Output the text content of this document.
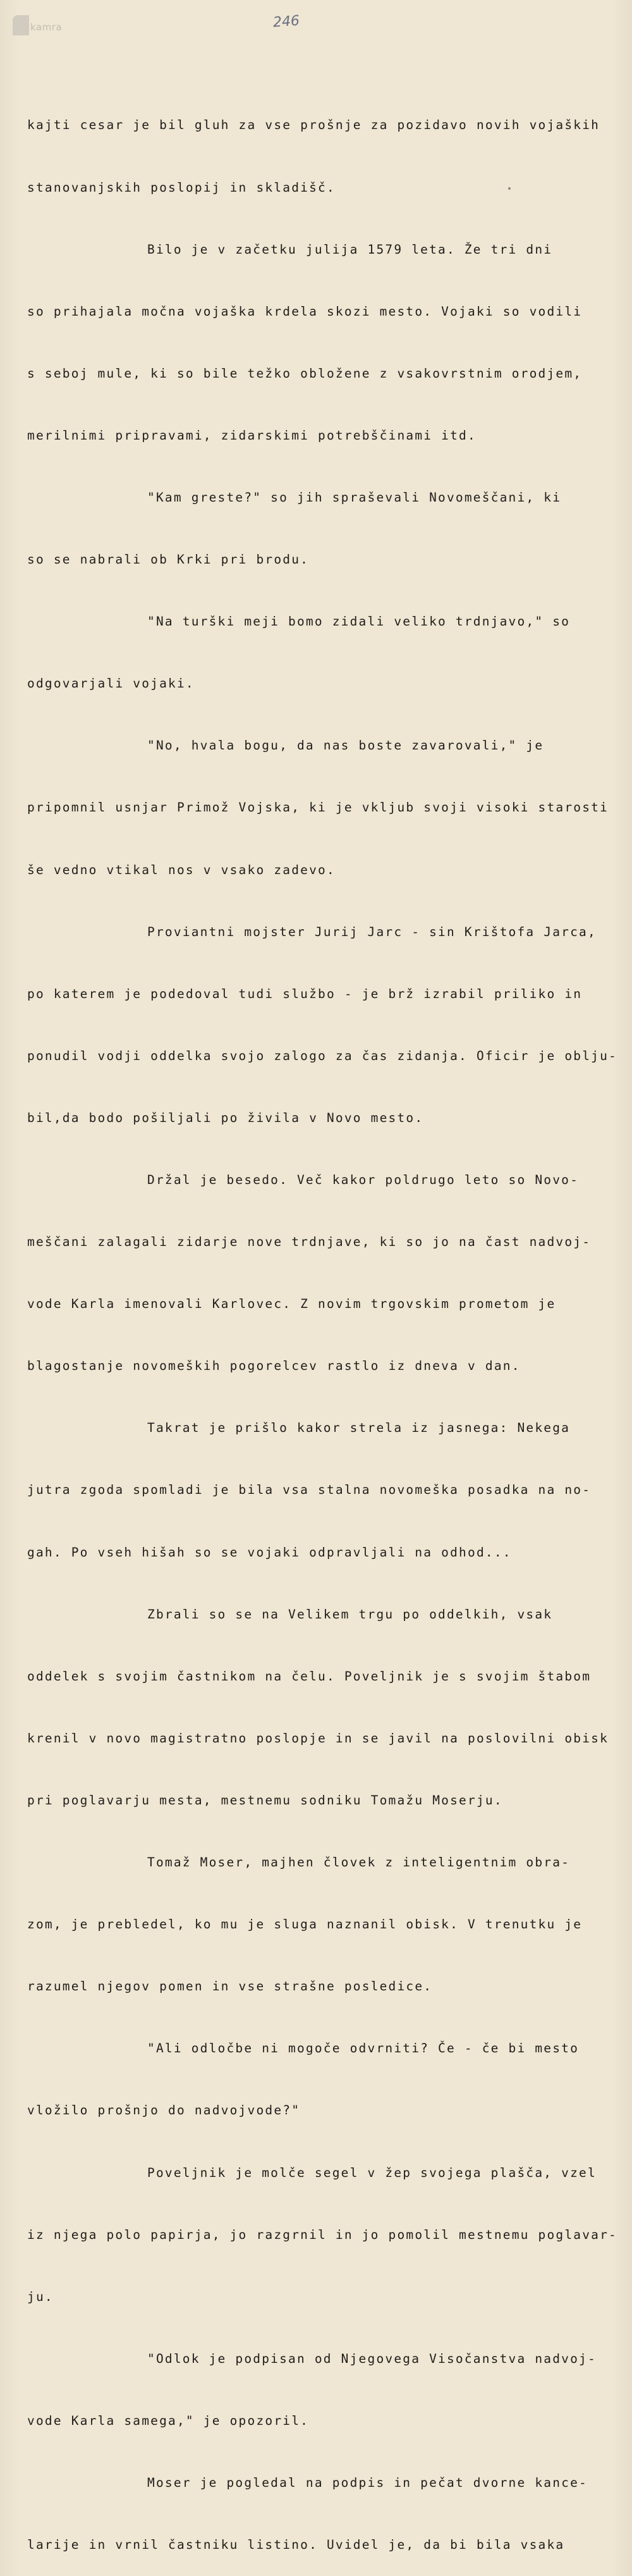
kamra	246

kajti cesar je bil gluh za vse prošnje za pozidavo novih vojaških

stanovanjskih poslopij in skladišč.

Bilo je v začetku julija 1579 leta. Že tri dni

so prihajala močna vojaška krdela skozi mesto. Vojaki so vodili

s seboj mule, ki so bile težko obložene z vsakovrstnim orodjem,

merilnimi pripravami, zidarskimi potrebščinami itd.

"Kam greste?" so jih spraševali Novomeščani, ki

so se nabrali ob Krki pri brodu.

"Na turški meji bomo zidali veliko trdnjavo," so

odgovarjali vojaki.

"No, hvala bogu, da nas boste zavarovali," je

pripomnil usnjar Primož Vojska, ki je vkljub svoji visoki starosti

še vedno vtikal nos v vsako zadevo.

Proviantni mojster Jurij Jarc - sin Krištofa Jarca,

po katerem je podedoval tudi službo - je brž izrabil priliko in

ponudil vodji oddelka svojo zalogo za čas zidanja. Oficir je oblju-

bil,da bodo pošiljali po živila v Novo mesto.

Držal je besedo. Več kakor poldrugo leto so Novo-

meščani zalagali zidarje nove trdnjave, ki so jo na čast nadvoj-

vode Karla imenovali Karlovec. Z novim trgovskim prometom je

blagostanje novomeških pogorelcev rastlo iz dneva v dan.

Takrat je prišlo kakor strela iz jasnega: Nekega

jutra zgoda spomladi je bila vsa stalna novomeška posadka na no-

gah. Po vseh hišah so se vojaki odpravljali na odhod...

Zbrali so se na Velikem trgu po oddelkih, vsak

oddelek s svojim častnikom na čelu. Poveljnik je s svojim štabom

krenil v novo magistratno poslopje in se javil na poslovilni obisk

pri poglavarju mesta, mestnemu sodniku Tomažu Moserju.

Tomaž Moser, majhen človek z inteligentnim obra-

zom, je prebledel, ko mu je sluga naznanil obisk. V trenutku je

razumel njegov pomen in vse strašne posledice.

"Ali odločbe ni mogoče odvrniti? Če - če bi mesto

vložilo prošnjo do nadvojvode?"

Poveljnik je molče segel v žep svojega plašča, vzel

iz njega polo papirja, jo razgrnil in jo pomolil mestnemu poglavar-

ju.

"Odlok je podpisan od Njegovega Visočanstva nadvoj-

vode Karla samega," je opozoril.

Moser je pogledal na podpis in pečat dvorne kance-

larije in vrnil častniku listino. Uvidel je, da bi bila vsaka
